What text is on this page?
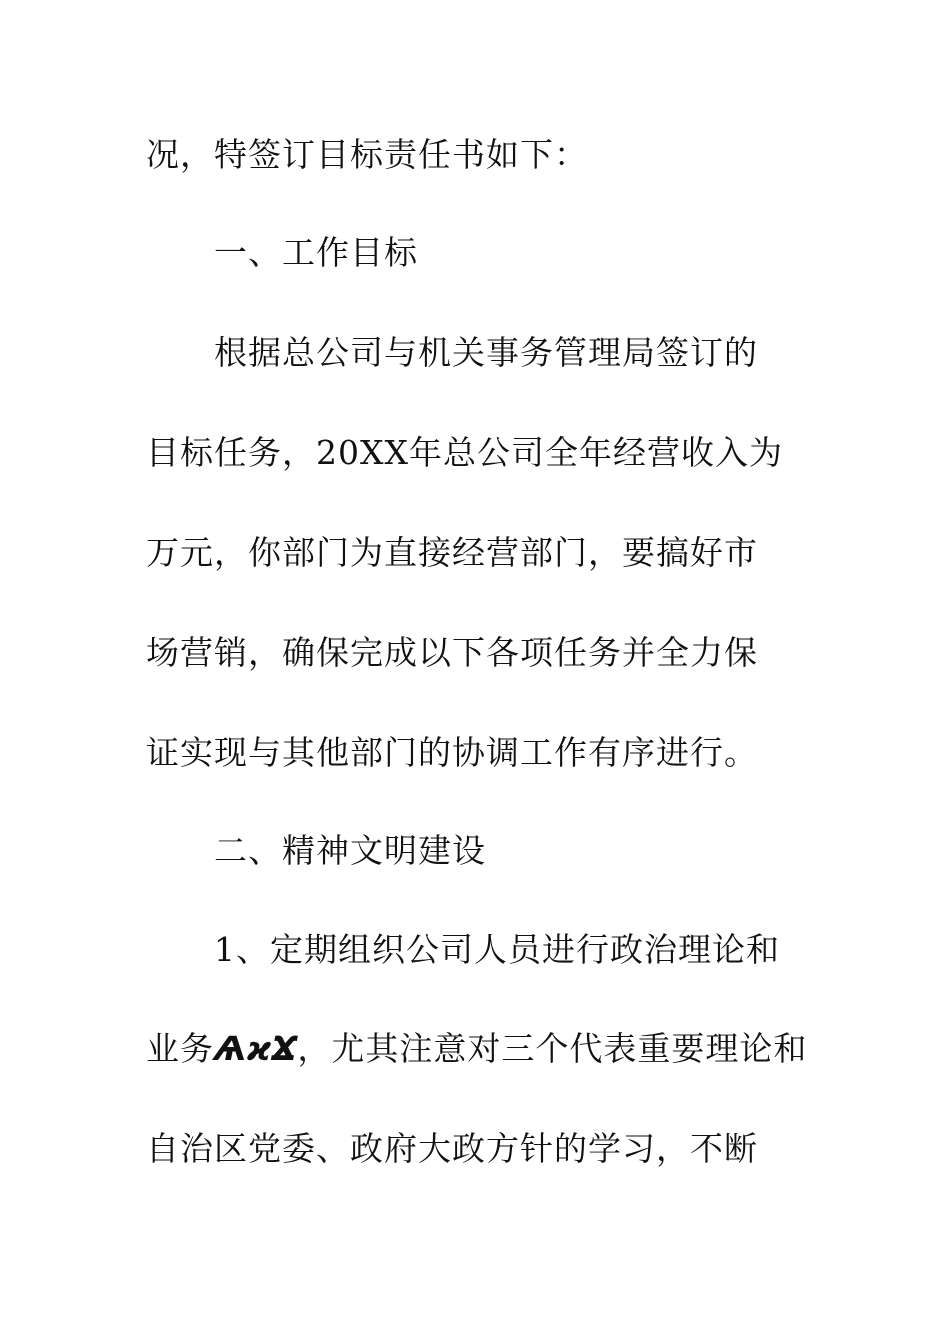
况，特签订目标责任书如下：
一、工作目标
根据总公司与机关事务管理局签订的
目标任务，20XX年总公司全年经营收入为
万元，你部门为直接经营部门，要搞好市
场营销，确保完成以下各项任务并全力保
证实现与其他部门的协调工作有序进行。
二、精神文明建设
1、定期组织公司人员进行政治理论和
业务ѦϰϪ，尤其注意对三个代表重要理论和
自治区党委、政府大政方针的学习，不断
